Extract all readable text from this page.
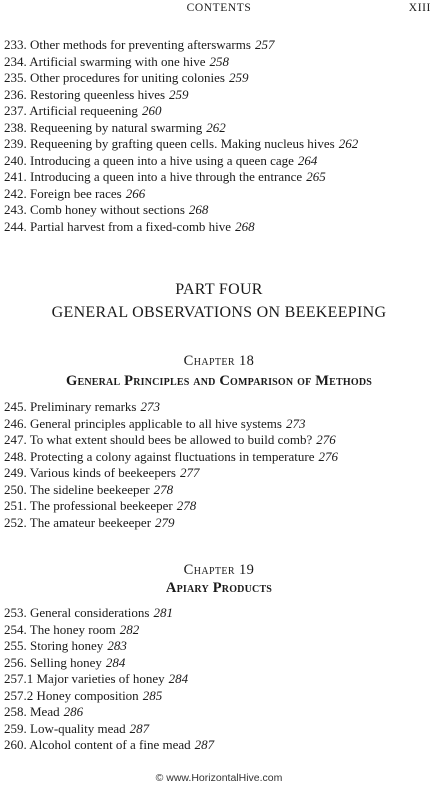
CONTENTS	XIII
233. Other methods for preventing afterswarms 257
234. Artificial swarming with one hive 258
235. Other procedures for uniting colonies 259
236. Restoring queenless hives 259
237. Artificial requeening 260
238. Requeening by natural swarming 262
239. Requeening by grafting queen cells. Making nucleus hives 262
240. Introducing a queen into a hive using a queen cage 264
241. Introducing a queen into a hive through the entrance 265
242. Foreign bee races 266
243. Comb honey without sections 268
244. Partial harvest from a fixed-comb hive 268
PART FOUR
GENERAL OBSERVATIONS ON BEEKEEPING
Chapter 18
General Principles and Comparison of Methods
245. Preliminary remarks 273
246. General principles applicable to all hive systems 273
247. To what extent should bees be allowed to build comb? 276
248. Protecting a colony against fluctuations in temperature 276
249. Various kinds of beekeepers 277
250. The sideline beekeeper 278
251. The professional beekeeper 278
252. The amateur beekeeper 279
Chapter 19
Apiary Products
253. General considerations 281
254. The honey room 282
255. Storing honey 283
256. Selling honey 284
257.1 Major varieties of honey 284
257.2 Honey composition 285
258. Mead 286
259. Low-quality mead 287
260. Alcohol content of a fine mead 287
© www.HorizontalHive.com
